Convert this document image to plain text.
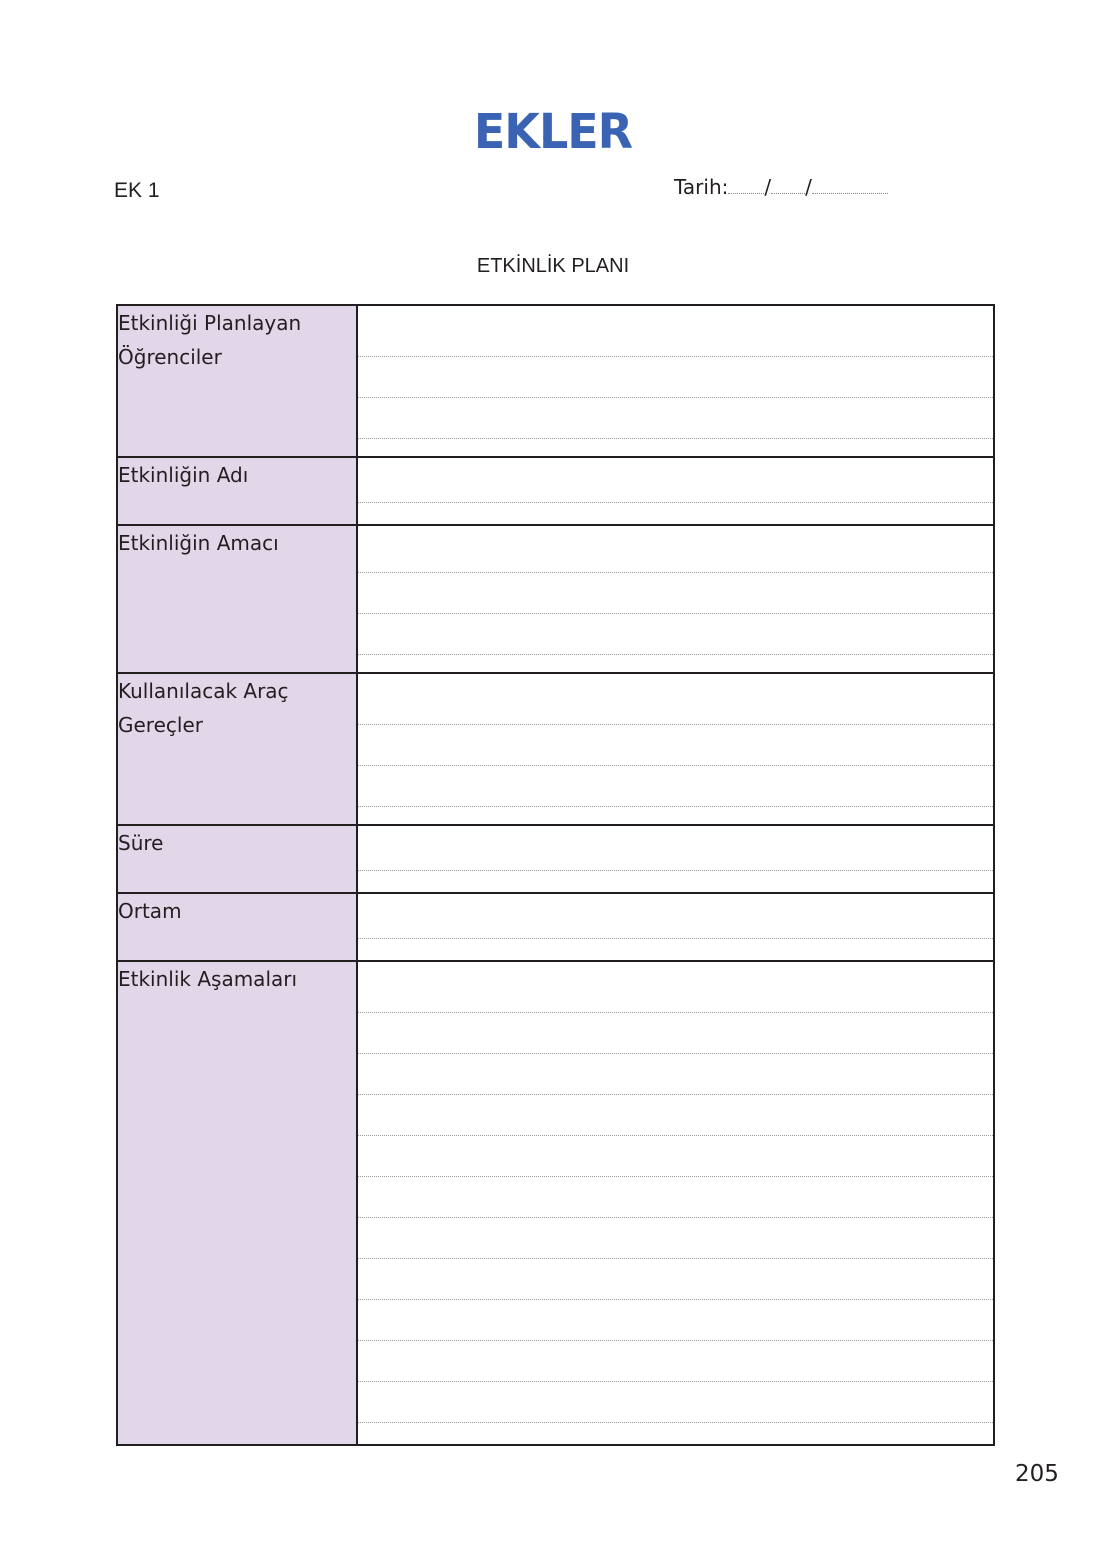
EKLER
EK 1	Tarih: / /
ETKİNLİK PLANI
Etkinliği Planlayan Öğrenciler	

Etkinliğin Adı	

Etkinliğin Amacı	

Kullanılacak Araç Gereçler	

Süre	

Ortam	

Etkinlik Aşamaları	
205
